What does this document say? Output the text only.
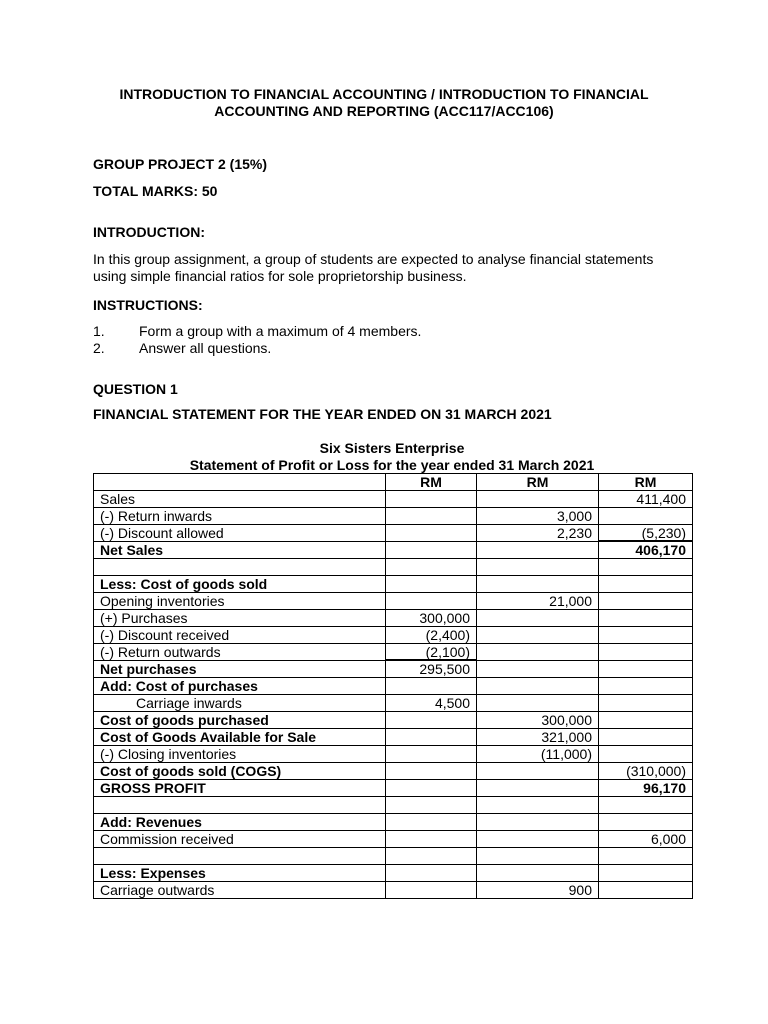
INTRODUCTION TO FINANCIAL ACCOUNTING / INTRODUCTION TO FINANCIAL
ACCOUNTING AND REPORTING (ACC117/ACC106)
GROUP PROJECT 2 (15%)
TOTAL MARKS: 50
INTRODUCTION:
In this group assignment, a group of students are expected to analyse financial statements
using simple financial ratios for sole proprietorship business.
INSTRUCTIONS:
1.	Form a group with a maximum of 4 members.
2.	Answer all questions.
QUESTION 1
FINANCIAL STATEMENT FOR THE YEAR ENDED ON 31 MARCH 2021
Six Sisters Enterprise
Statement of Profit or Loss for the year ended 31 March 2021
	RM	RM	RM
Sales			411,400
(-) Return inwards		3,000	
(-) Discount allowed		2,230	(5,230)
Net Sales			406,170

Less: Cost of goods sold			
Opening inventories		21,000	
(+) Purchases	300,000		
(-) Discount received	(2,400)		
(-) Return outwards	(2,100)		
Net purchases	295,500		
Add: Cost of purchases			
Carriage inwards	4,500		
Cost of goods purchased		300,000	
Cost of Goods Available for Sale		321,000	
(-) Closing inventories		(11,000)	
Cost of goods sold (COGS)			(310,000)
GROSS PROFIT			96,170

Add: Revenues			
Commission received			6,000

Less: Expenses			
Carriage outwards		900	
